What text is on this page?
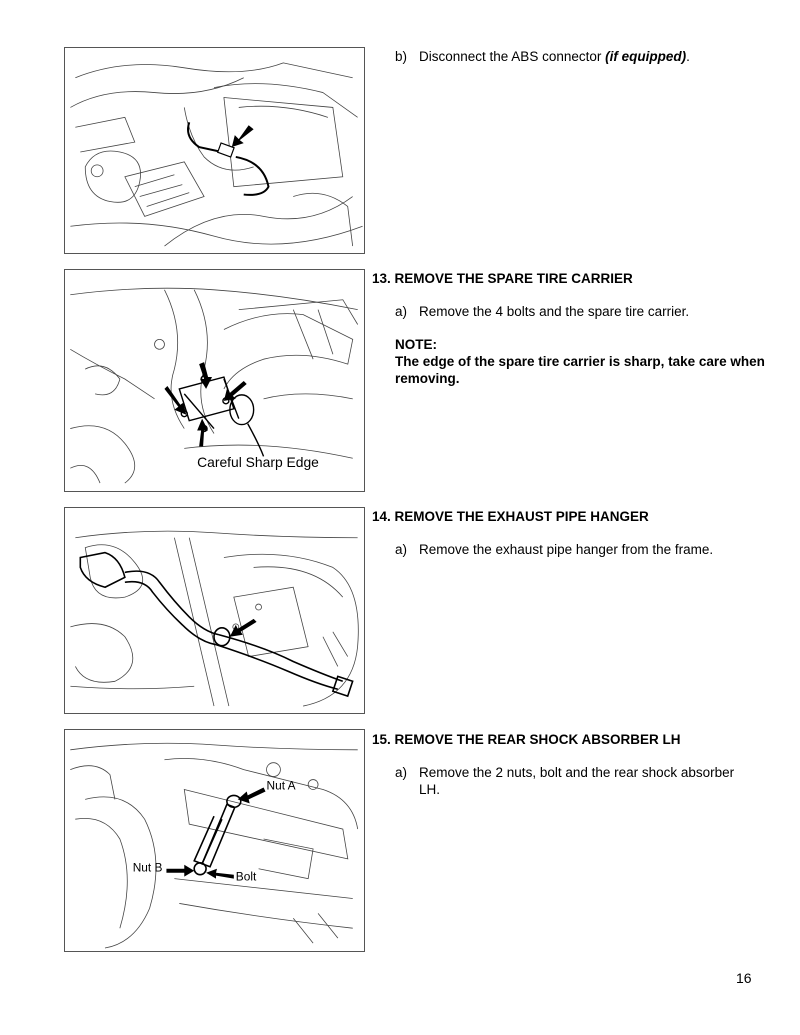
Careful Sharp Edge
Nut A
Nut B
Bolt
b) Disconnect the ABS connector (if equipped).
13. REMOVE THE SPARE TIRE CARRIER
a) Remove the 4 bolts and the spare tire carrier.
NOTE:
The edge of the spare tire carrier is sharp, take care when removing.
14. REMOVE THE EXHAUST PIPE HANGER
a) Remove the exhaust pipe hanger from the frame.
15. REMOVE THE REAR SHOCK ABSORBER LH
a) Remove the 2 nuts, bolt and the rear shock absorber LH.
16
